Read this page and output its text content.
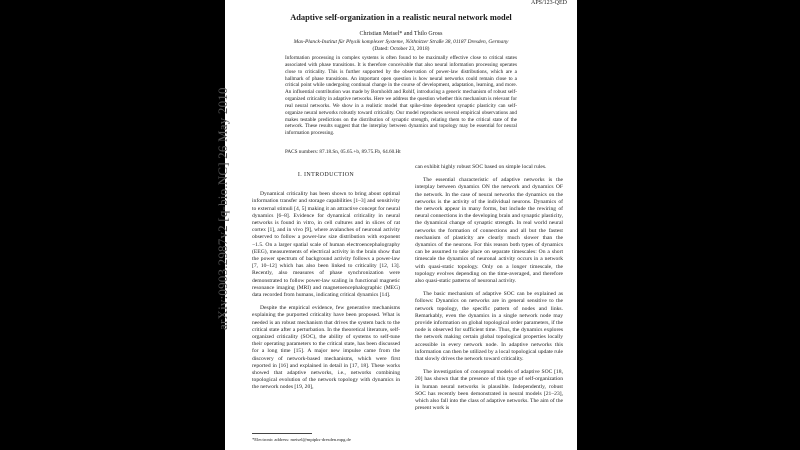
APS/123-QED
Adaptive self-organization in a realistic neural network model
Christian Meisel* and Thilo Gross
Max-Planck-Institut für Physik komplexer Systeme, Nöthnitzer Straße 38, 01187 Dresden, Germany
(Dated: October 23, 2018)
Information processing in complex systems is often found to be maximally effective close to critical states associated with phase transitions. It is therefore conceivable that also neural information processing operates close to criticality. This is further supported by the observation of power-law distributions, which are a hallmark of phase transitions. An important open question is how neural networks could remain close to a critical point while undergoing continual change in the course of development, adaptation, learning, and more. An influential contribution was made by Bornholdt and Rohlf, introducing a generic mechanism of robust self-organized criticality in adaptive networks. Here we address the question whether this mechanism is relevant for real neural networks. We show in a realistic model that spike-time dependent synaptic plasticity can self-organize neural networks robustly toward criticality. Our model reproduces several empirical observations and makes testable predictions on the distribution of synaptic strength, relating them to the critical state of the network. These results suggest that the interplay between dynamics and topology may be essential for neural information processing.
PACS numbers: 87.18.Sn, 05.65.+b, 89.75.Fb, 64.60.Ht
I. INTRODUCTION

Dynamical criticality has been shown to bring about optimal information transfer and storage capabilities [1–3] and sensitivity to external stimuli [4, 5] making it an attractive concept for neural dynamics [6–8]. Evidence for dynamical criticality in neural networks is found in vitro, in cell cultures and in slices of rat cortex [1], and in vivo [9], where avalanches of neuronal activity observed to follow a power-law size distribution with exponent −1.5. On a larger spatial scale of human electroencephalography (EEG), measurements of electrical activity in the brain show that the power spectrum of background activity follows a power-law [7, 10–12] which has also been linked to criticality [12, 13]. Recently, also measures of phase synchronization were demonstrated to follow power-law scaling in functional magnetic resonance imaging (MRI) and magnetoencephalographic (MEG) data recorded from humans, indicating critical dynamics [14].

Despite the empirical evidence, few generative mechanisms explaining the purported criticality have been proposed. What is needed is an robust mechanism that drives the system back to the critical state after a perturbation. In the theoretical literature, self-organized criticality (SOC), the ability of systems to self-tune their operating parameters to the critical state, has been discussed for a long time [15]. A major new impulse came from the discovery of network-based mechanisms, which were first reported in [16] and explained in detail in [17, 18]. These works showed that adaptive networks, i.e., networks combining topological evolution of the network topology with dynamics in the network nodes [19, 20],

can exhibit highly robust SOC based on simple local rules.

The essential characteristic of adaptive networks is the interplay between dynamics ON the network and dynamics OF the network. In the case of neural networks the dynamics on the networks is the activity of the individual neurons. Dynamics of the network appear in many forms, but include the rewiring of neural connections in the developing brain and synaptic plasticity, the dynamical change of synaptic strength. In real world neural networks the formation of connections and all but the fastest mechanism of plasticity are clearly much slower than the dynamics of the neurons. For this reason both types of dynamics can be assumed to take place on separate timescales: On a short timescale the dynamics of neuronal activity occurs in a network with quasi-static topology. Only on a longer timescale, the topology evolves depending on the time-averaged, and therefore also quasi-static patterns of neuronal activity.

The basic mechanism of adaptive SOC can be explained as follows: Dynamics on networks are in general sensitive to the network topology, the specific pattern of nodes and links. Remarkably, even the dynamics in a single network node may provide information on global topological order parameters, if the node is observed for sufficient time. Thus, the dynamics explores the network making certain global topological properties locally accessible in every network node. In adaptive networks this information can then be utilized by a local topological update rule that slowly drives the network toward criticality.

The investigation of conceptual models of adaptive SOC [18, 20] has shown that the presence of this type of self-organization in human neural networks is plausible. Independently, robust SOC has recently been demonstrated in neural models [21–23], which also fall into the class of adaptive networks. The aim of the present work is

*Electronic address: meisel@mpipks-dresden.mpg.de
arXiv:0903.2987v2 [q-bio.NC] 26 May 2010
